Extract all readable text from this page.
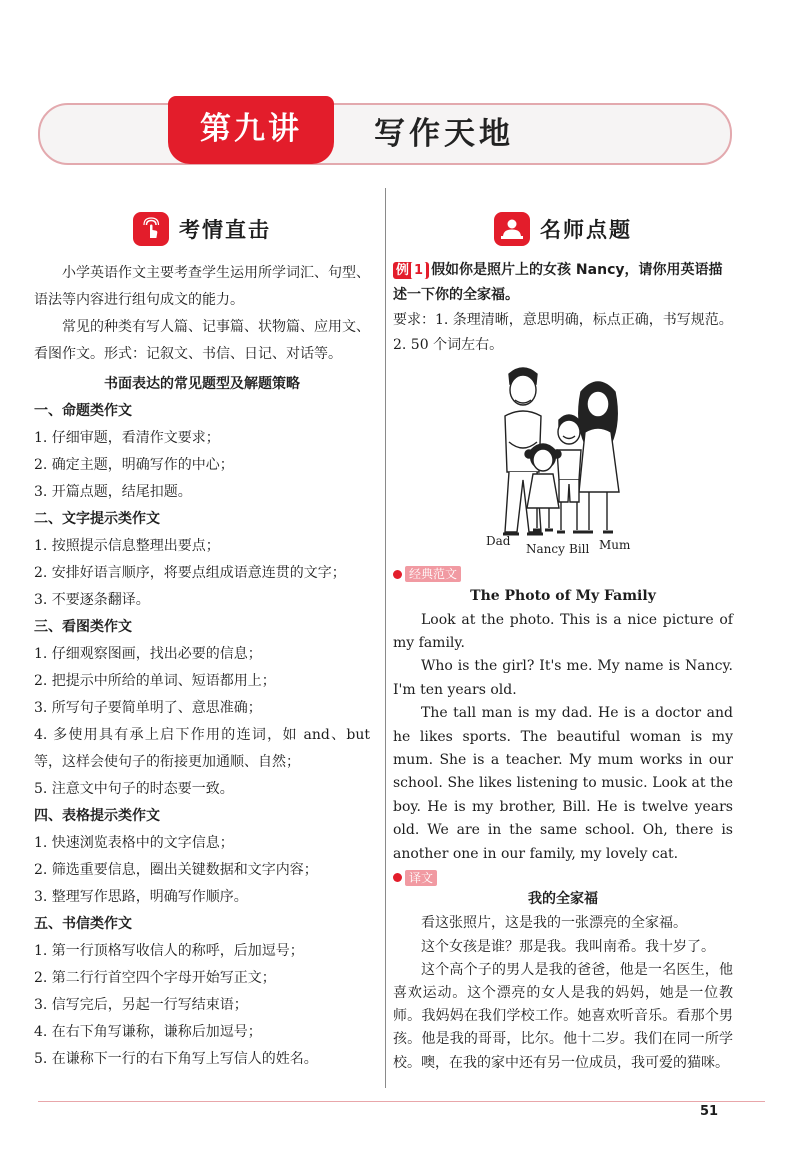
第九讲	写作天地
考情直击

小学英语作文主要考查学生运用所学词汇、句型、语法等内容进行组句成文的能力。

常见的种类有写人篇、记事篇、状物篇、应用文、看图作文。形式：记叙文、书信、日记、对话等。

书面表达的常见题型及解题策略

一、命题类作文

1. 仔细审题，看清作文要求；

2. 确定主题，明确写作的中心；

3. 开篇点题，结尾扣题。

二、文字提示类作文

1. 按照提示信息整理出要点；

2. 安排好语言顺序，将要点组成语意连贯的文字；

3. 不要逐条翻译。

三、看图类作文

1. 仔细观察图画，找出必要的信息；

2. 把提示中所给的单词、短语都用上；

3. 所写句子要简单明了、意思准确；

4. 多使用具有承上启下作用的连词，如 and、but 等，这样会使句子的衔接更加通顺、自然；

5. 注意文中句子的时态要一致。

四、表格提示类作文

1. 快速浏览表格中的文字信息；

2. 筛选重要信息，圈出关键数据和文字内容；

3. 整理写作思路，明确写作顺序。

五、书信类作文

1. 第一行顶格写收信人的称呼，后加逗号；

2. 第二行行首空四个字母开始写正文；

3. 信写完后，另起一行写结束语；

4. 在右下角写谦称，谦称后加逗号；

5. 在谦称下一行的右下角写上写信人的姓名。

名师点题

例 1 假如你是照片上的女孩 Nancy，请你用英语描述一下你的全家福。

要求：1. 条理清晰，意思明确，标点正确，书写规范。

2. 50 个词左右。

Dad
Nancy Bill Mum
经典范文

The Photo of My Family

Look at the photo. This is a nice picture of my family.

Who is the girl? It's me. My name is Nancy. I'm ten years old.

The tall man is my dad. He is a doctor and he likes sports. The beautiful woman is my mum. She is a teacher. My mum works in our school. She likes listening to music. Look at the boy. He is my brother, Bill. He is twelve years old. We are in the same school. Oh, there is another one in our family, my lovely cat.

译文

我的全家福

看这张照片，这是我的一张漂亮的全家福。

这个女孩是谁？那是我。我叫南希。我十岁了。

这个高个子的男人是我的爸爸，他是一名医生，他喜欢运动。这个漂亮的女人是我的妈妈，她是一位教师。我妈妈在我们学校工作。她喜欢听音乐。看那个男孩。他是我的哥哥，比尔。他十二岁。我们在同一所学校。噢，在我的家中还有另一位成员，我可爱的猫咪。

51
